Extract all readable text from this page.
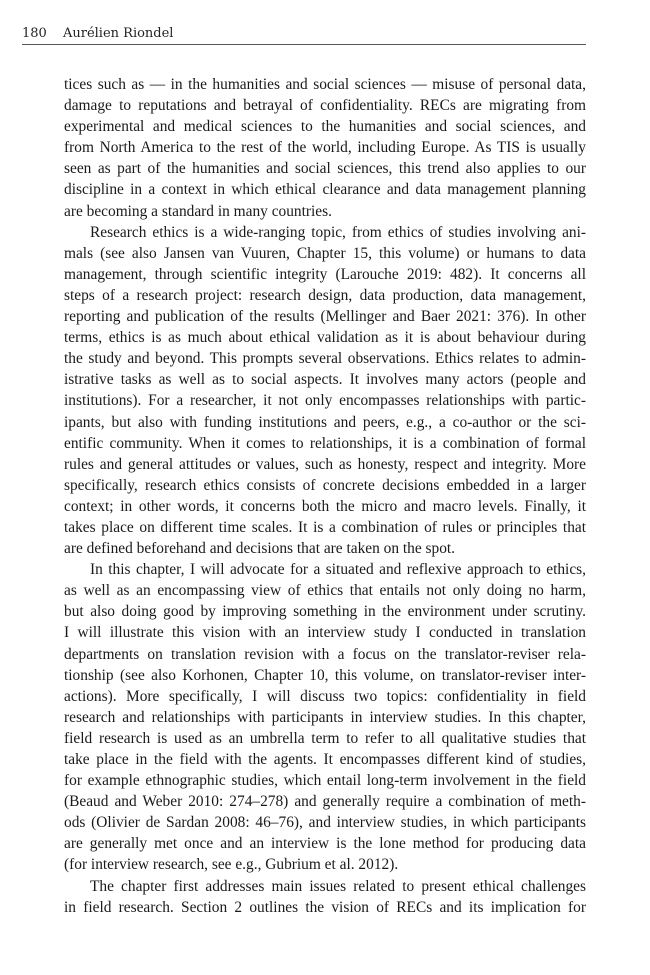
180 Aurélien Riondel
tices such as — in the humanities and social sciences — misuse of personal data,
damage to reputations and betrayal of confidentiality. RECs are migrating from
experimental and medical sciences to the humanities and social sciences, and
from North America to the rest of the world, including Europe. As TIS is usually
seen as part of the humanities and social sciences, this trend also applies to our
discipline in a context in which ethical clearance and data management planning
are becoming a standard in many countries.
Research ethics is a wide-ranging topic, from ethics of studies involving ani-
mals (see also Jansen van Vuuren, Chapter 15, this volume) or humans to data
management, through scientific integrity (Larouche 2019: 482). It concerns all
steps of a research project: research design, data production, data management,
reporting and publication of the results (Mellinger and Baer 2021: 376). In other
terms, ethics is as much about ethical validation as it is about behaviour during
the study and beyond. This prompts several observations. Ethics relates to admin-
istrative tasks as well as to social aspects. It involves many actors (people and
institutions). For a researcher, it not only encompasses relationships with partic-
ipants, but also with funding institutions and peers, e.g., a co-author or the sci-
entific community. When it comes to relationships, it is a combination of formal
rules and general attitudes or values, such as honesty, respect and integrity. More
specifically, research ethics consists of concrete decisions embedded in a larger
context; in other words, it concerns both the micro and macro levels. Finally, it
takes place on different time scales. It is a combination of rules or principles that
are defined beforehand and decisions that are taken on the spot.
In this chapter, I will advocate for a situated and reflexive approach to ethics,
as well as an encompassing view of ethics that entails not only doing no harm,
but also doing good by improving something in the environment under scrutiny.
I will illustrate this vision with an interview study I conducted in translation
departments on translation revision with a focus on the translator-reviser rela-
tionship (see also Korhonen, Chapter 10, this volume, on translator-reviser inter-
actions). More specifically, I will discuss two topics: confidentiality in field
research and relationships with participants in interview studies. In this chapter,
field research is used as an umbrella term to refer to all qualitative studies that
take place in the field with the agents. It encompasses different kind of studies,
for example ethnographic studies, which entail long-term involvement in the field
(Beaud and Weber 2010: 274–278) and generally require a combination of meth-
ods (Olivier de Sardan 2008: 46–76), and interview studies, in which participants
are generally met once and an interview is the lone method for producing data
(for interview research, see e.g., Gubrium et al. 2012).
The chapter first addresses main issues related to present ethical challenges
in field research. Section 2 outlines the vision of RECs and its implication for
